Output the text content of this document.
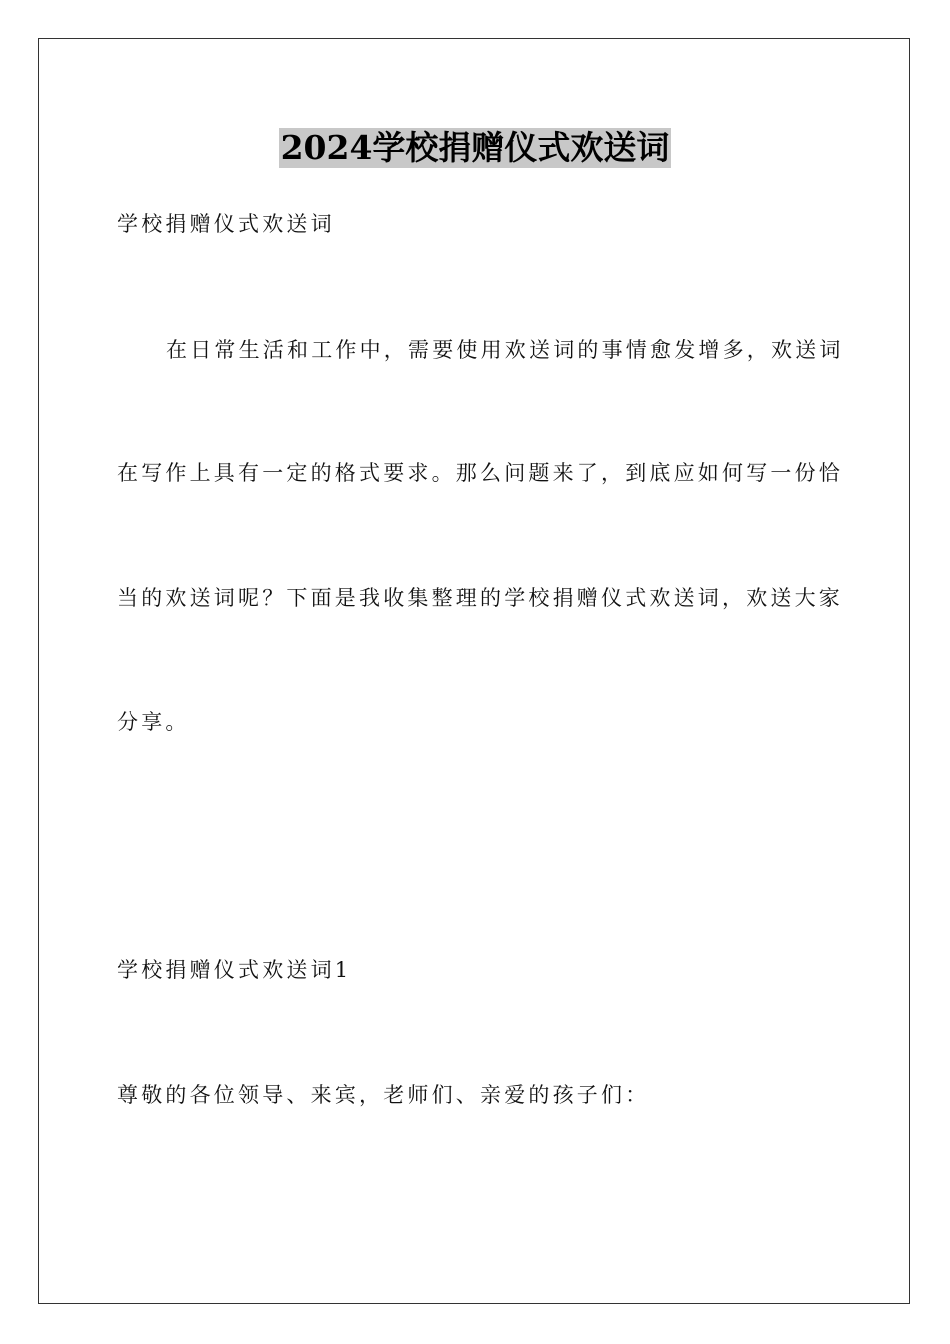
2024学校捐赠仪式欢送词

学校捐赠仪式欢送词

在日常生活和工作中，需要使用欢送词的事情愈发增多，欢送词

在写作上具有一定的格式要求。那么问题来了，到底应如何写一份恰

当的欢送词呢？下面是我收集整理的学校捐赠仪式欢送词，欢送大家

分享。

学校捐赠仪式欢送词1

尊敬的各位领导、来宾，老师们、亲爱的孩子们：
